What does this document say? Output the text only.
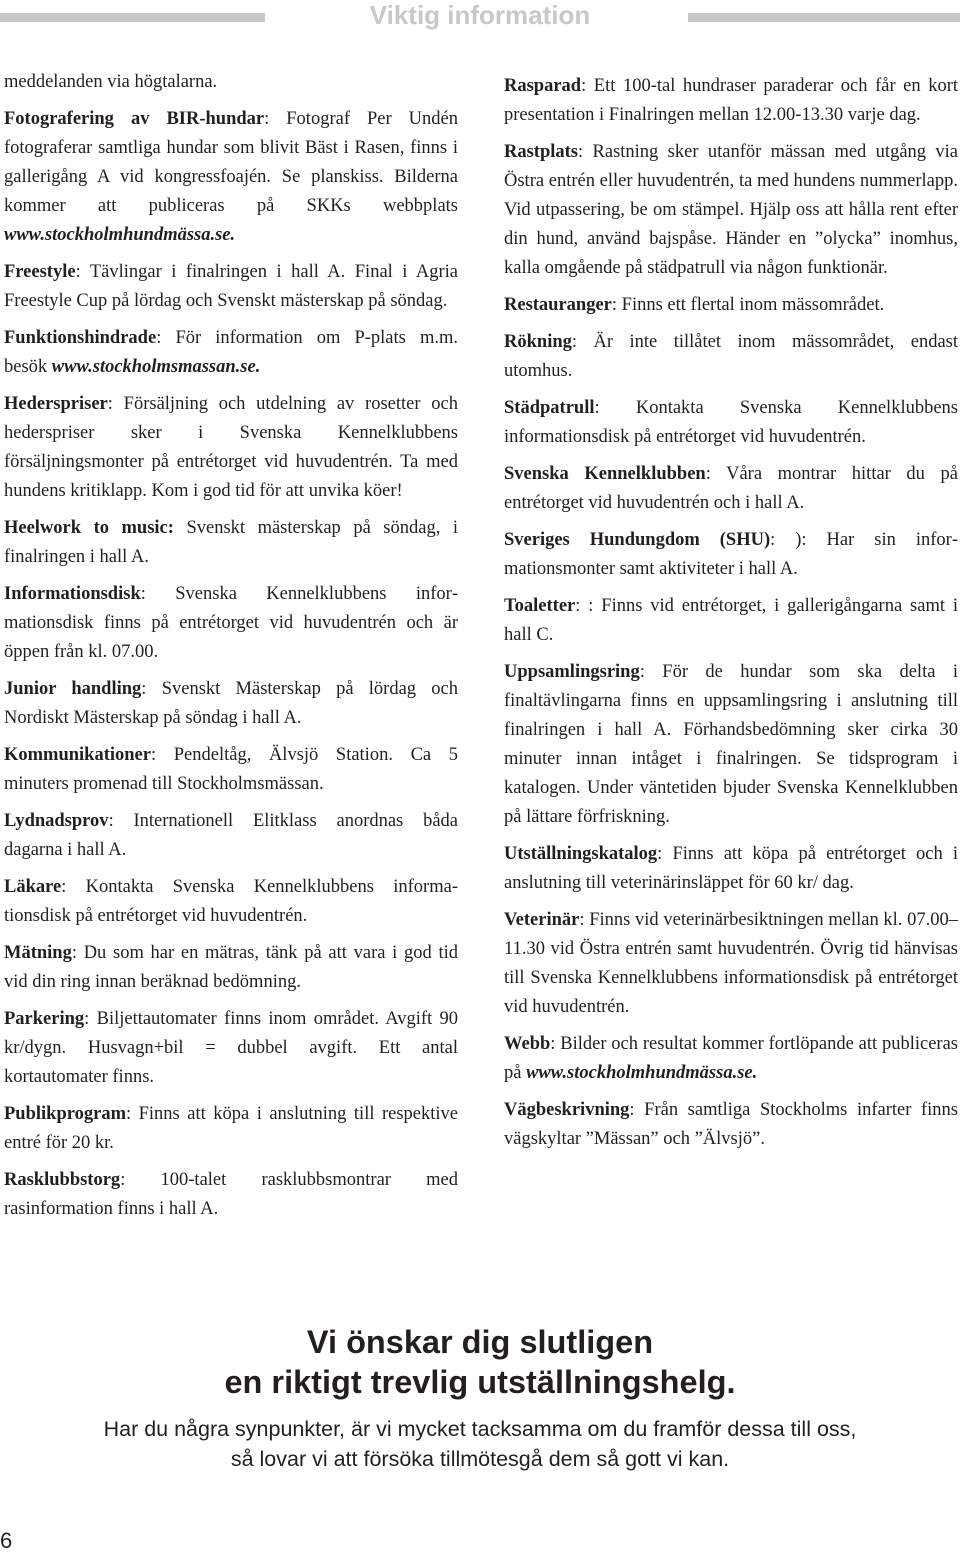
Viktig information

meddelanden via högtalarna.

Fotografering av BIR-hundar: Fotograf Per Undén fotograferar samtliga hundar som blivit Bäst i Rasen, finns i gallerigång A vid kongressfoajén. Se planskiss. Bilderna kommer att publiceras på SKKs webbplats www.stockholmhundmässa.se.

Freestyle: Tävlingar i finalringen i hall A. Final i Agria Freestyle Cup på lördag och Svenskt mästerskap på söndag.

Funktionshindrade: För information om P-plats m.m. besök www.stockholmsmassan.se.

Hederspriser: Försäljning och utdelning av rosetter och hederspriser sker i Svenska Kennelklubbens försäljningsmonter på entrétorget vid huvudentrén. Ta med hundens kritiklapp. Kom i god tid för att unvika köer!

Heelwork to music: Svenskt mästerskap på söndag, i finalringen i hall A.

Informationsdisk: Svenska Kennelklubbens informationsdisk finns på entrétorget vid huvudentrén och är öppen från kl. 07.00.

Junior handling: Svenskt Mästerskap på lördag och Nordiskt Mästerskap på söndag i hall A.

Kommunikationer: Pendeltåg, Älvsjö Station. Ca 5 minuters promenad till Stockholmsmässan.

Lydnadsprov: Internationell Elitklass anordnas båda dagarna i hall A.

Läkare: Kontakta Svenska Kennelklubbens informationsdisk på entrétorget vid huvudentrén.

Mätning: Du som har en mätras, tänk på att vara i god tid vid din ring innan beräknad bedömning.

Parkering: Biljettautomater finns inom området. Avgift 90 kr/dygn. Husvagn+bil = dubbel avgift. Ett antal kortautomater finns.

Publikprogram: Finns att köpa i anslutning till respektive entré för 20 kr.

Rasklubbstorg: 100-talet rasklubbsmontrar med rasinformation finns i hall A.

Rasparad: Ett 100-tal hundraser paraderar och får en kort presentation i Finalringen mellan 12.00-13.30 varje dag.

Rastplats: Rastning sker utanför mässan med utgång via Östra entrén eller huvudentrén, ta med hundens nummerlapp. Vid utpassering, be om stämpel. Hjälp oss att hålla rent efter din hund, använd bajspåse. Händer en ”olycka” inomhus, kalla omgående på städpatrull via någon funktionär.

Restauranger: Finns ett flertal inom mässområdet.

Rökning: Är inte tillåtet inom mässområdet, endast utomhus.

Städpatrull: Kontakta Svenska Kennelklubbens informationsdisk på entrétorget vid huvudentrén.

Svenska Kennelklubben: Våra montrar hittar du på entrétorget vid huvudentrén och i hall A.

Sveriges Hundungdom (SHU): ): Har sin informationsmonter samt aktiviteter i hall A.

Toaletter: : Finns vid entrétorget, i gallerigångarna samt i hall C.

Uppsamlingsring: För de hundar som ska delta i finaltävlingarna finns en uppsamlingsring i anslutning till finalringen i hall A. Förhandsbedömning sker cirka 30 minuter innan intåget i finalringen. Se tidsprogram i katalogen. Under väntetiden bjuder Svenska Kennelklubben på lättare förfriskning.

Utställningskatalog: Finns att köpa på entrétorget och i anslutning till veterinärinsläppet för 60 kr/ dag.

Veterinär: Finns vid veterinärbesiktningen mellan kl. 07.00–11.30 vid Östra entrén samt huvudentrén. Övrig tid hänvisas till Svenska Kennelklubbens informationsdisk på entrétorget vid huvudentrén.

Webb: Bilder och resultat kommer fortlöpande att publiceras på www.stockholmhundmässa.se.

Vägbeskrivning: Från samtliga Stockholms infarter finns vägskyltar ”Mässan” och ”Älvsjö”.

Vi önskar dig slutligen
en riktigt trevlig utställningshelg.
Har du några synpunkter, är vi mycket tacksamma om du framför dessa till oss,
så lovar vi att försöka tillmötesgå dem så gott vi kan.
6
